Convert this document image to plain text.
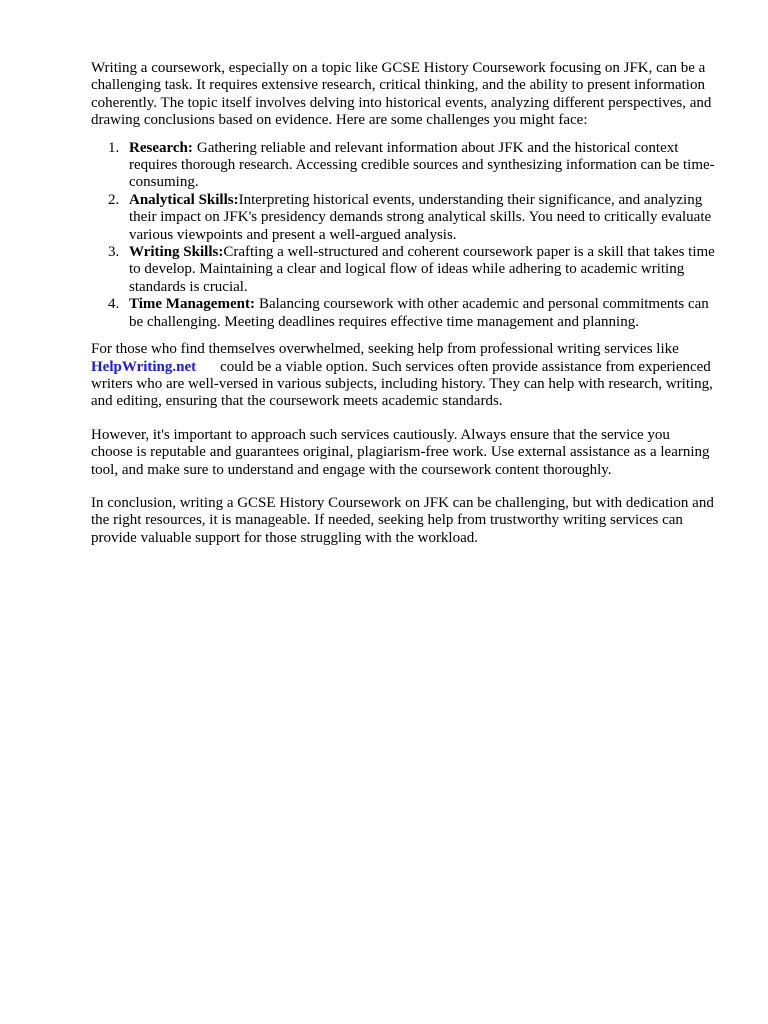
Writing a coursework, especially on a topic like GCSE History Coursework focusing on JFK, can be a challenging task. It requires extensive research, critical thinking, and the ability to present information coherently. The topic itself involves delving into historical events, analyzing different perspectives, and drawing conclusions based on evidence. Here are some challenges you might face:

1. Research: Gathering reliable and relevant information about JFK and the historical context requires thorough research. Accessing credible sources and synthesizing information can be time-consuming.
2. Analytical Skills:Interpreting historical events, understanding their significance, and analyzing their impact on JFK's presidency demands strong analytical skills. You need to critically evaluate various viewpoints and present a well-argued analysis.
3. Writing Skills:Crafting a well-structured and coherent coursework paper is a skill that takes time to develop. Maintaining a clear and logical flow of ideas while adhering to academic writing standards is crucial.
4. Time Management: Balancing coursework with other academic and personal commitments can be challenging. Meeting deadlines requires effective time management and planning.

For those who find themselves overwhelmed, seeking help from professional writing services like
HelpWriting.net could be a viable option. Such services often provide assistance from experienced writers who are well-versed in various subjects, including history. They can help with research, writing, and editing, ensuring that the coursework meets academic standards.

However, it's important to approach such services cautiously. Always ensure that the service you choose is reputable and guarantees original, plagiarism-free work. Use external assistance as a learning tool, and make sure to understand and engage with the coursework content thoroughly.

In conclusion, writing a GCSE History Coursework on JFK can be challenging, but with dedication and the right resources, it is manageable. If needed, seeking help from trustworthy writing services can provide valuable support for those struggling with the workload.
